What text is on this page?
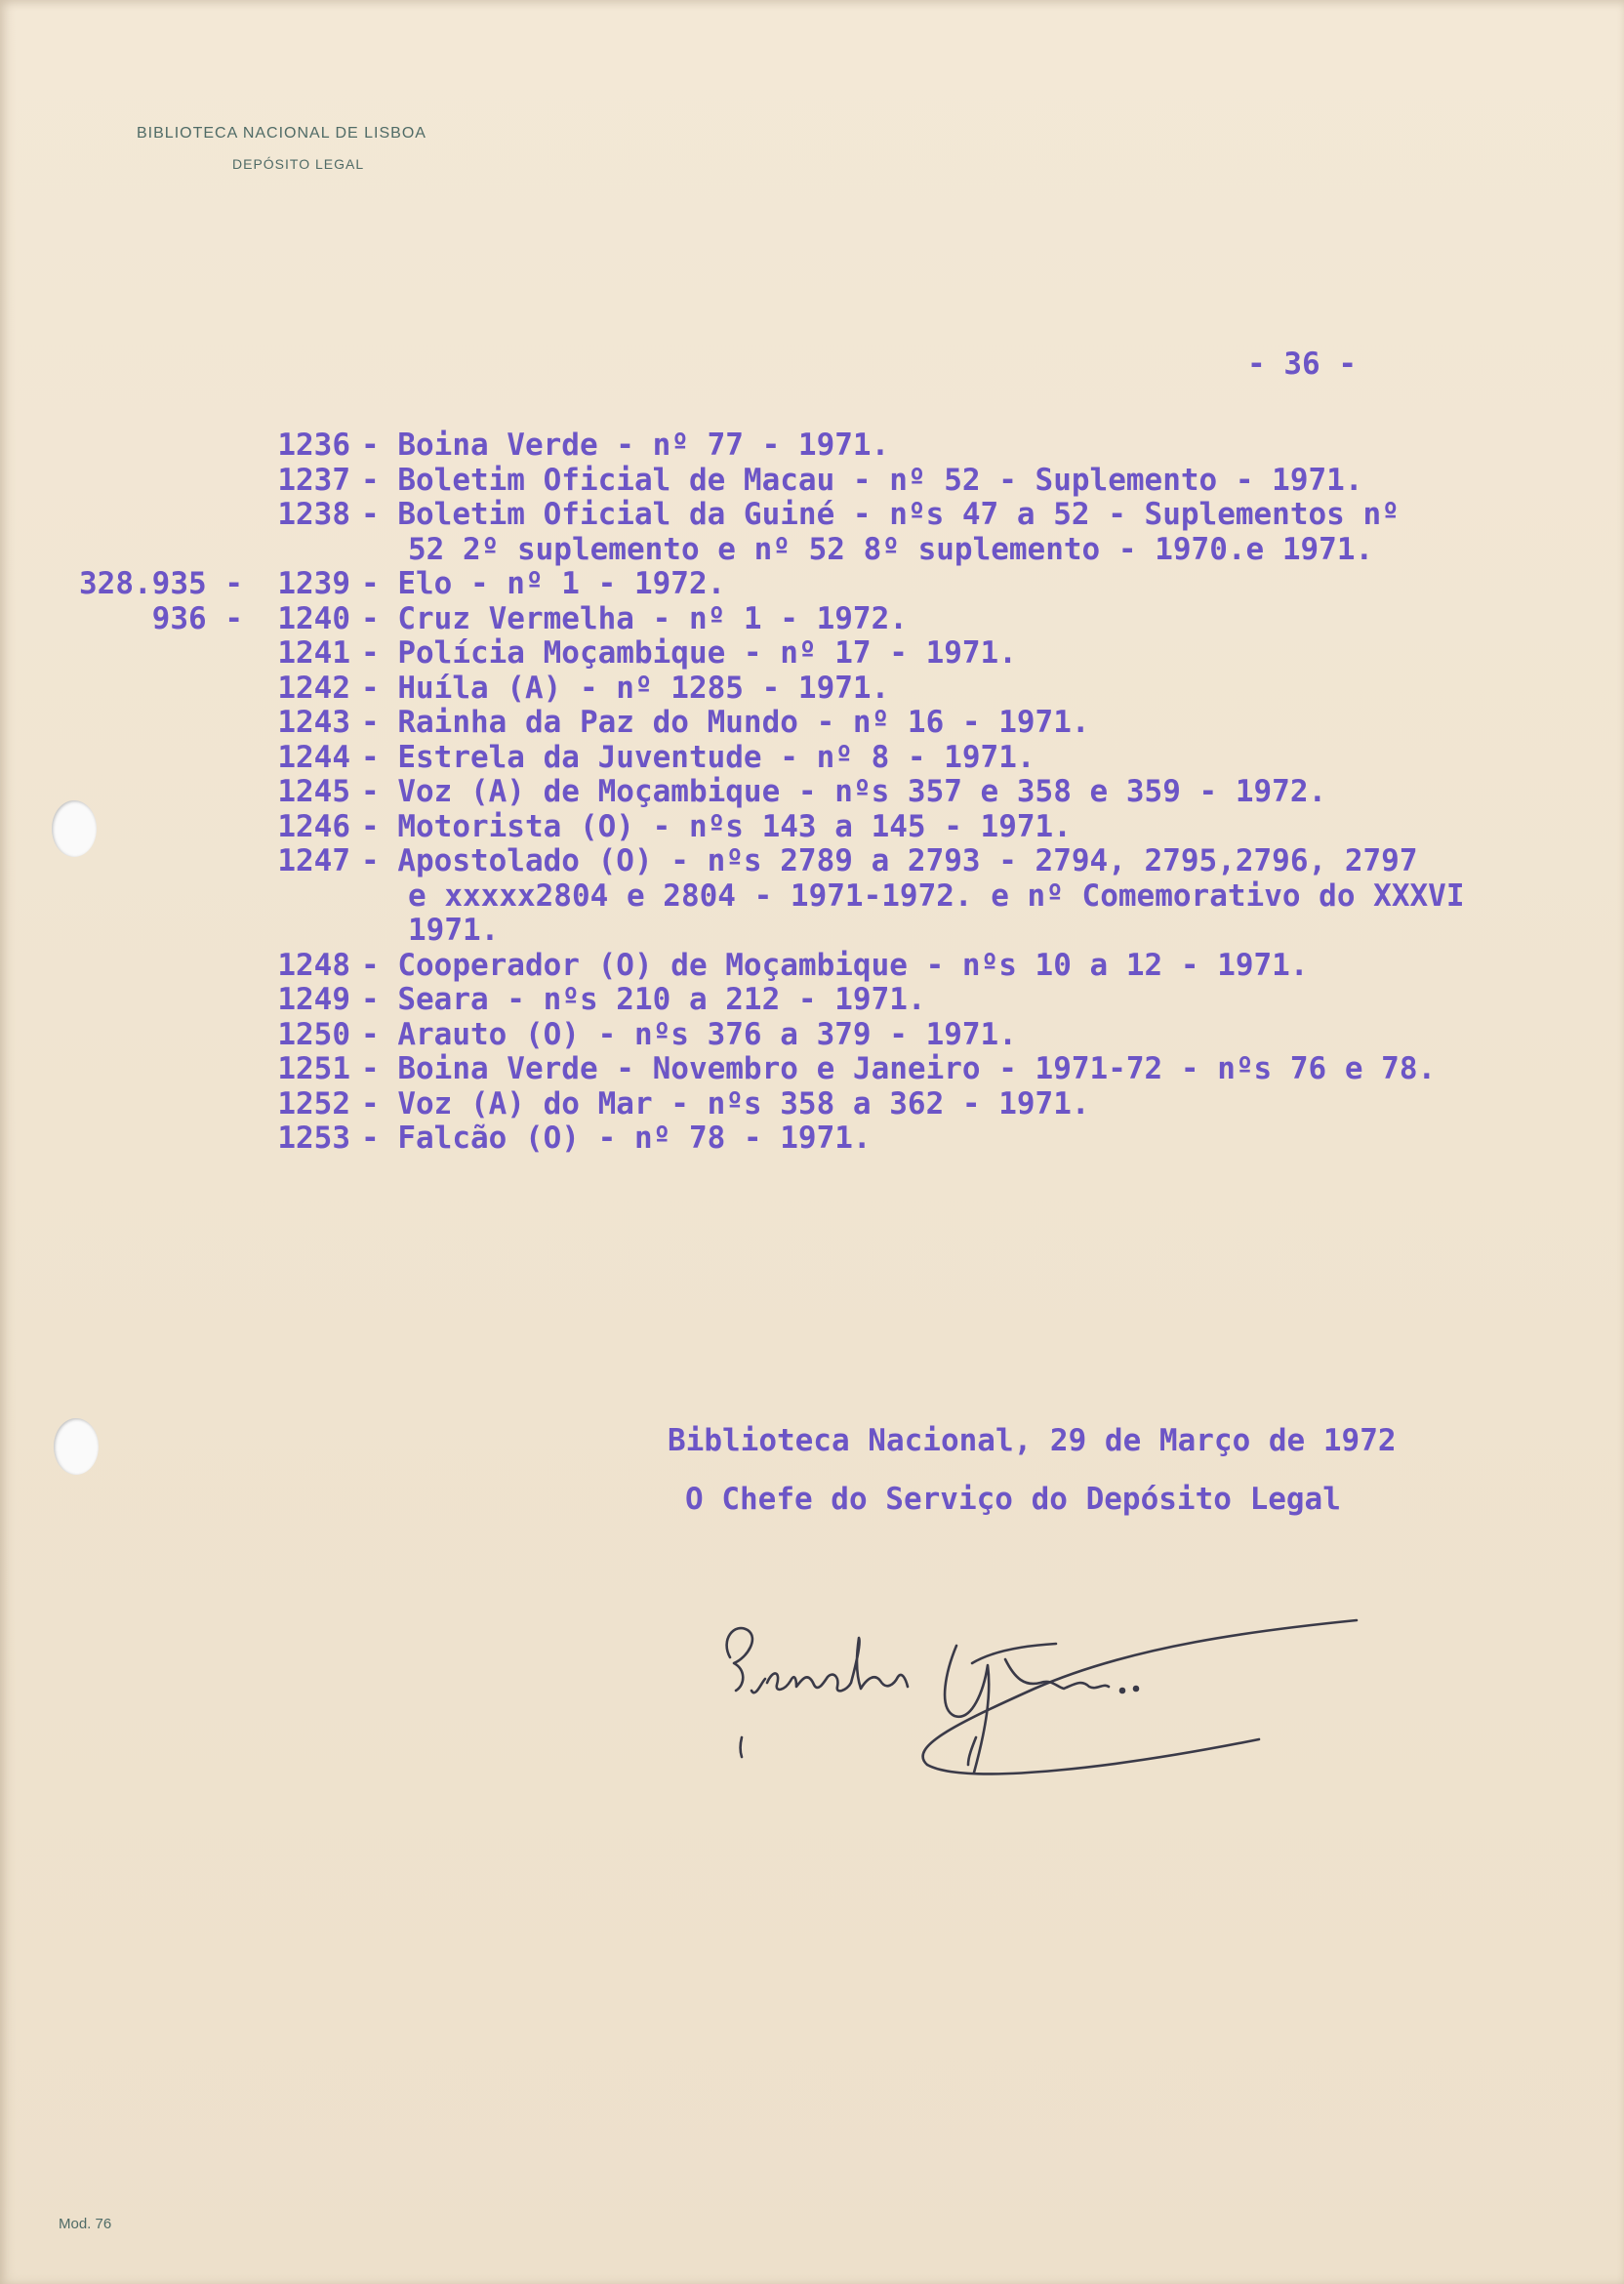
BIBLIOTECA NACIONAL DE LISBOA
DEPÓSITO LEGAL
- 36 -
1236 - Boina Verde - nº 77 - 1971.
1237 - Boletim Oficial de Macau - nº 52 - Suplemento - 1971.
1238 - Boletim Oficial da Guiné - nºs 47 a 52 - Suplementos nº
52 2º suplemento e nº 52 8º suplemento - 1970.e 1971.
328.935 - 1239 - Elo - nº 1 - 1972.
936 - 1240 - Cruz Vermelha - nº 1 - 1972.
1241 - Polícia Moçambique - nº 17 - 1971.
1242 - Huíla (A) - nº 1285 - 1971.
1243 - Rainha da Paz do Mundo - nº 16 - 1971.
1244 - Estrela da Juventude - nº 8 - 1971.
1245 - Voz (A) de Moçambique - nºs 357 e 358 e 359 - 1972.
1246 - Motorista (O) - nºs 143 a 145 - 1971.
1247 - Apostolado (O) - nºs 2789 a 2793 - 2794, 2795,2796, 2797
e xxxxx2804 e 2804 - 1971-1972. e nº Comemorativo do XXXVI
1971.
1248 - Cooperador (O) de Moçambique - nºs 10 a 12 - 1971.
1249 - Seara - nºs 210 a 212 - 1971.
1250 - Arauto (O) - nºs 376 a 379 - 1971.
1251 - Boina Verde - Novembro e Janeiro - 1971-72 - nºs 76 e 78.
1252 - Voz (A) do Mar - nºs 358 a 362 - 1971.
1253 - Falcão (O) - nº 78 - 1971.
Biblioteca Nacional, 29 de Março de 1972
O Chefe do Serviço do Depósito Legal
Mod. 76
